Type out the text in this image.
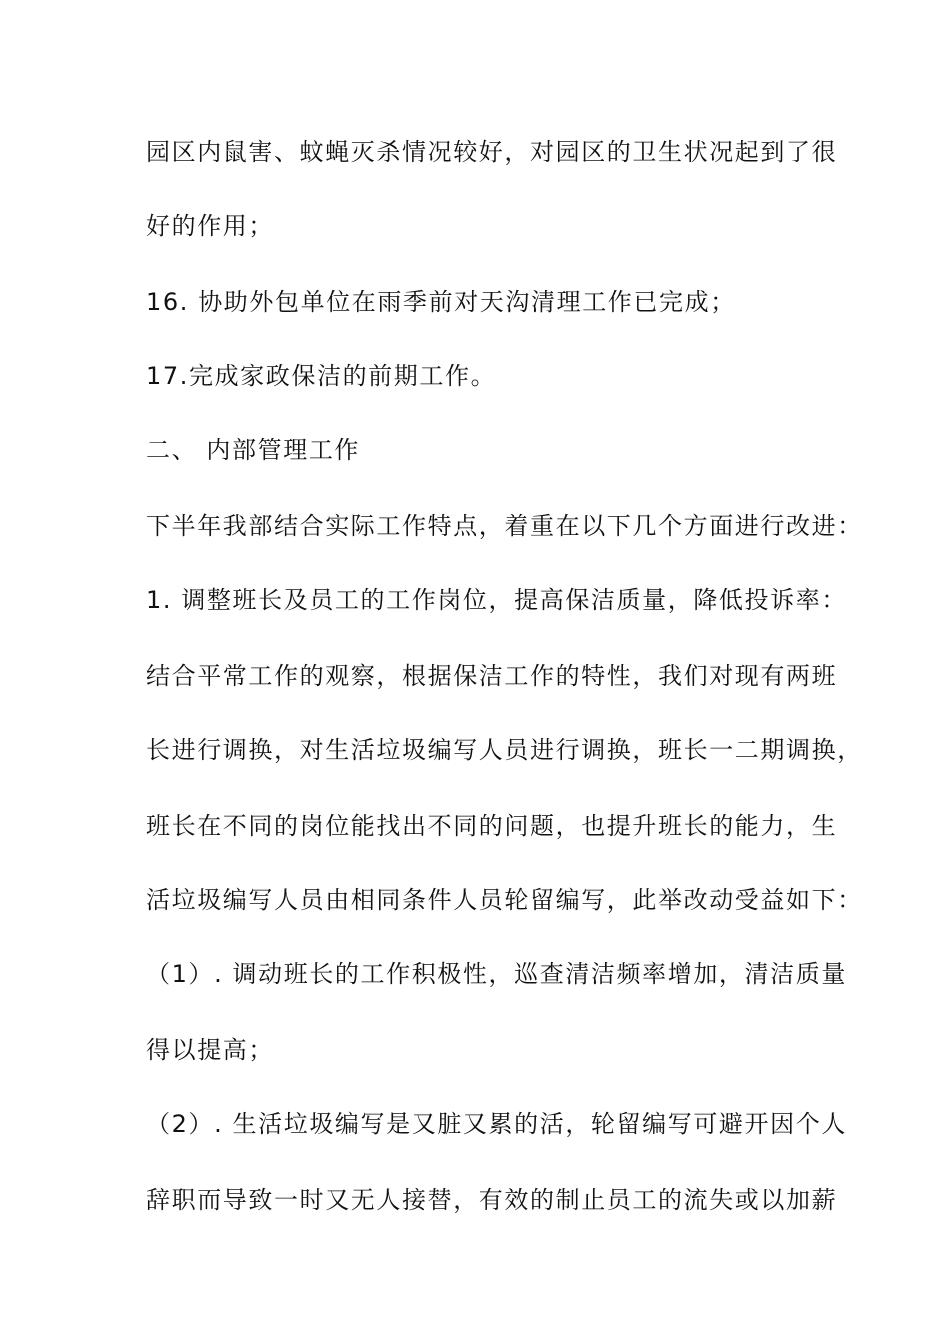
园区内鼠害、蚊蝇灭杀情况较好，对园区的卫生状况起到了很
好的作用；
16. 协助外包单位在雨季前对天沟清理工作已完成；
17.完成家政保洁的前期工作。
二、 内部管理工作
下半年我部结合实际工作特点，着重在以下几个方面进行改进：
1. 调整班长及员工的工作岗位，提高保洁质量，降低投诉率：
结合平常工作的观察，根据保洁工作的特性，我们对现有两班
长进行调换，对生活垃圾编写人员进行调换，班长一二期调换，
班长在不同的岗位能找出不同的问题，也提升班长的能力，生
活垃圾编写人员由相同条件人员轮留编写，此举改动受益如下：
（1）. 调动班长的工作积极性，巡查清洁频率增加，清洁质量
得以提高；
（2）. 生活垃圾编写是又脏又累的活，轮留编写可避开因个人
辞职而导致一时又无人接替，有效的制止员工的流失或以加薪
